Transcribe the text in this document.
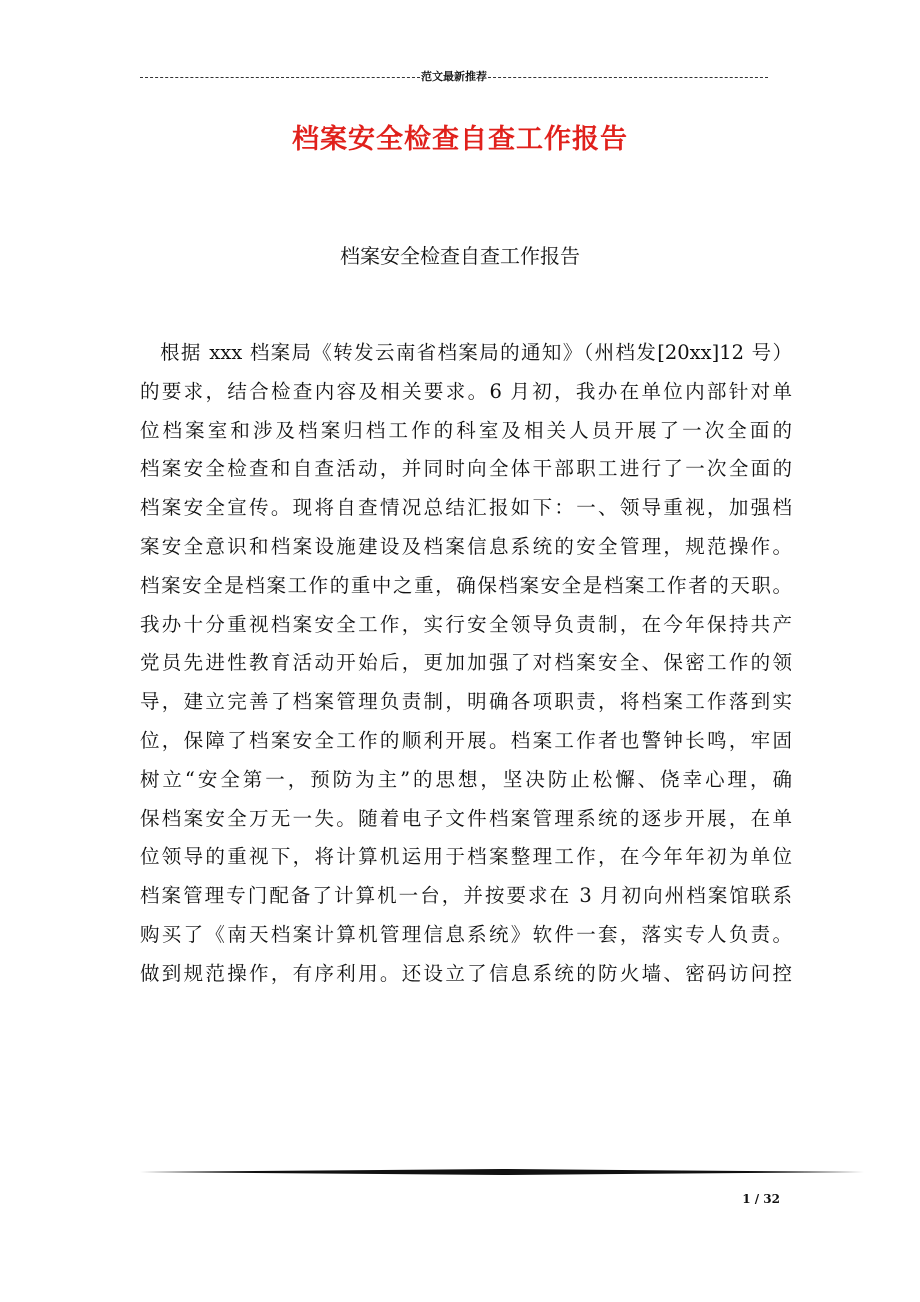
范文最新推荐
档案安全检查自查工作报告
档案安全检查自查工作报告
根据 xxx 档案局《转发云南省档案局的通知》（州档发[20xx]12 号）
的要求，结合检查内容及相关要求。6 月初，我办在单位内部针对单
位档案室和涉及档案归档工作的科室及相关人员开展了一次全面的
档案安全检查和自查活动，并同时向全体干部职工进行了一次全面的
档案安全宣传。现将自查情况总结汇报如下：一、领导重视，加强档
案安全意识和档案设施建设及档案信息系统的安全管理，规范操作。
档案安全是档案工作的重中之重，确保档案安全是档案工作者的天职。
我办十分重视档案安全工作，实行安全领导负责制，在今年保持共产
党员先进性教育活动开始后，更加加强了对档案安全、保密工作的领
导，建立完善了档案管理负责制，明确各项职责，将档案工作落到实
位，保障了档案安全工作的顺利开展。档案工作者也警钟长鸣，牢固
树立“安全第一，预防为主”的思想，坚决防止松懈、侥幸心理，确
保档案安全万无一失。随着电子文件档案管理系统的逐步开展，在单
位领导的重视下，将计算机运用于档案整理工作，在今年年初为单位
档案管理专门配备了计算机一台，并按要求在 3 月初向州档案馆联系
购买了《南天档案计算机管理信息系统》软件一套，落实专人负责。
做到规范操作，有序利用。还设立了信息系统的防火墙、密码访问控
1 / 32
